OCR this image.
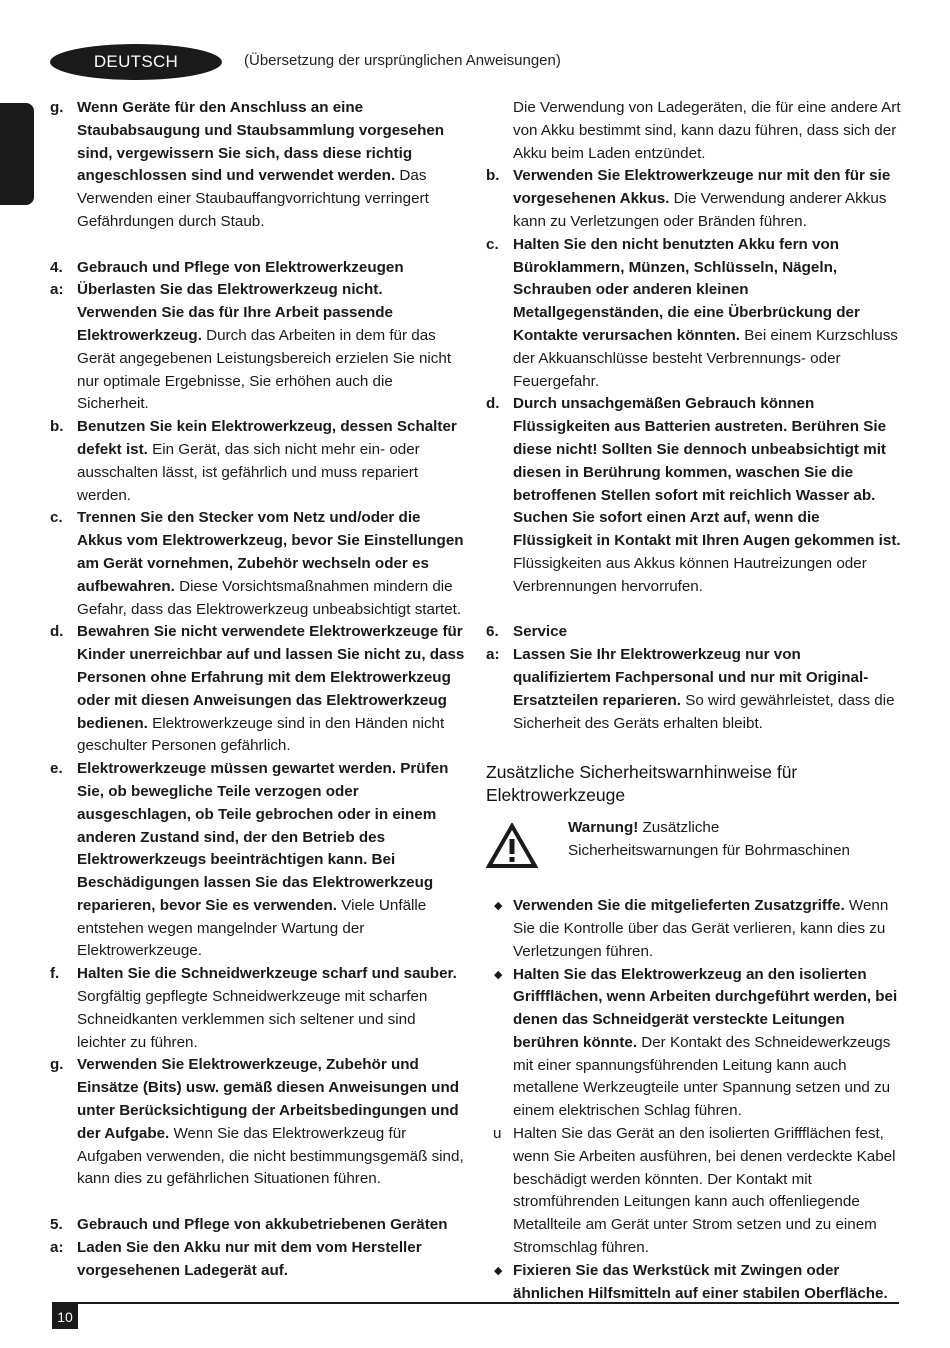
DEUTSCH	(Übersetzung der ursprünglichen Anweisungen)
g. Wenn Geräte für den Anschluss an eine Staubabsaugung und Staubsammlung vorgesehen sind, vergewissern Sie sich, dass diese richtig angeschlossen sind und verwendet werden. Das Verwenden einer Staubauffangvorrichtung verringert Gefährdungen durch Staub.
4. Gebrauch und Pflege von Elektrowerkzeugen
a: Überlasten Sie das Elektrowerkzeug nicht. Verwenden Sie das für Ihre Arbeit passende Elektrowerkzeug. Durch das Arbeiten in dem für das Gerät angegebenen Leistungsbereich erzielen Sie nicht nur optimale Ergebnisse, Sie erhöhen auch die Sicherheit.
b. Benutzen Sie kein Elektrowerkzeug, dessen Schalter defekt ist. Ein Gerät, das sich nicht mehr ein- oder ausschalten lässt, ist gefährlich und muss repariert werden.
c. Trennen Sie den Stecker vom Netz und/oder die Akkus vom Elektrowerkzeug, bevor Sie Einstellungen am Gerät vornehmen, Zubehör wechseln oder es aufbewahren. Diese Vorsichtsmaßnahmen mindern die Gefahr, dass das Elektrowerkzeug unbeabsichtigt startet.
d. Bewahren Sie nicht verwendete Elektrowerkzeuge für Kinder unerreichbar auf und lassen Sie nicht zu, dass Personen ohne Erfahrung mit dem Elektrowerkzeug oder mit diesen Anweisungen das Elektrowerkzeug bedienen. Elektrowerkzeuge sind in den Händen nicht geschulter Personen gefährlich.
e. Elektrowerkzeuge müssen gewartet werden. Prüfen Sie, ob bewegliche Teile verzogen oder ausgeschlagen, ob Teile gebrochen oder in einem anderen Zustand sind, der den Betrieb des Elektrowerkzeugs beeinträchtigen kann. Bei Beschädigungen lassen Sie das Elektrowerkzeug reparieren, bevor Sie es verwenden. Viele Unfälle entstehen wegen mangelnder Wartung der Elektrowerkzeuge.
f.	Halten Sie die Schneidwerkzeuge scharf und sauber. Sorgfältig gepflegte Schneidwerkzeuge mit scharfen Schneidkanten verklemmen sich seltener und sind leichter zu führen.
g. Verwenden Sie Elektrowerkzeuge, Zubehör und Einsätze (Bits) usw. gemäß diesen Anweisungen und unter Berücksichtigung der Arbeitsbedingungen und der Aufgabe. Wenn Sie das Elektrowerkzeug für Aufgaben verwenden, die nicht bestimmungsgemäß sind, kann dies zu gefährlichen Situationen führen.
5. Gebrauch und Pflege von akkubetriebenen Geräten
a: Laden Sie den Akku nur mit dem vom Hersteller vorgesehenen Ladegerät auf.
Die Verwendung von Ladegeräten, die für eine andere Art von Akku bestimmt sind, kann dazu führen, dass sich der Akku beim Laden entzündet.
b. Verwenden Sie Elektrowerkzeuge nur mit den für sie vorgesehenen Akkus. Die Verwendung anderer Akkus kann zu Verletzungen oder Bränden führen.
c. Halten Sie den nicht benutzten Akku fern von Büroklammern, Münzen, Schlüsseln, Nägeln, Schrauben oder anderen kleinen Metallgegenständen, die eine Überbrückung der Kontakte verursachen könnten. Bei einem Kurzschluss der Akkuanschlüsse besteht Verbrennungs- oder Feuergefahr.
d. Durch unsachgemäßen Gebrauch können Flüssigkeiten aus Batterien austreten. Berühren Sie diese nicht! Sollten Sie dennoch unbeabsichtigt mit diesen in Berührung kommen, waschen Sie die betroffenen Stellen sofort mit reichlich Wasser ab. Suchen Sie sofort einen Arzt auf, wenn die Flüssigkeit in Kontakt mit Ihren Augen gekommen ist. Flüssigkeiten aus Akkus können Hautreizungen oder Verbrennungen hervorrufen.
6. Service
a: Lassen Sie Ihr Elektrowerkzeug nur von qualifiziertem Fachpersonal und nur mit Original- Ersatzteilen reparieren. So wird gewährleistet, dass die Sicherheit des Geräts erhalten bleibt.
Zusätzliche Sicherheitswarnhinweise für Elektrowerkzeuge
Warnung! Zusätzliche Sicherheitswarnungen für Bohrmaschinen
◆ Verwenden Sie die mitgelieferten Zusatzgriffe. Wenn Sie die Kontrolle über das Gerät verlieren, kann dies zu Verletzungen führen.
◆ Halten Sie das Elektrowerkzeug an den isolierten Griffflächen, wenn Arbeiten durchgeführt werden, bei denen das Schneidgerät versteckte Leitungen berühren könnte. Der Kontakt des Schneidewerkzeugs mit einer spannungsführenden Leitung kann auch metallene Werkzeugteile unter Spannung setzen und zu einem elektrischen Schlag führen.
u Halten Sie das Gerät an den isolierten Griffflächen fest, wenn Sie Arbeiten ausführen, bei denen verdeckte Kabel beschädigt werden könnten. Der Kontakt mit stromführenden Leitungen kann auch offenliegende Metallteile am Gerät unter Strom setzen und zu einem Stromschlag führen.
◆ Fixieren Sie das Werkstück mit Zwingen oder ähnlichen Hilfsmitteln auf einer stabilen Oberfläche.
10
